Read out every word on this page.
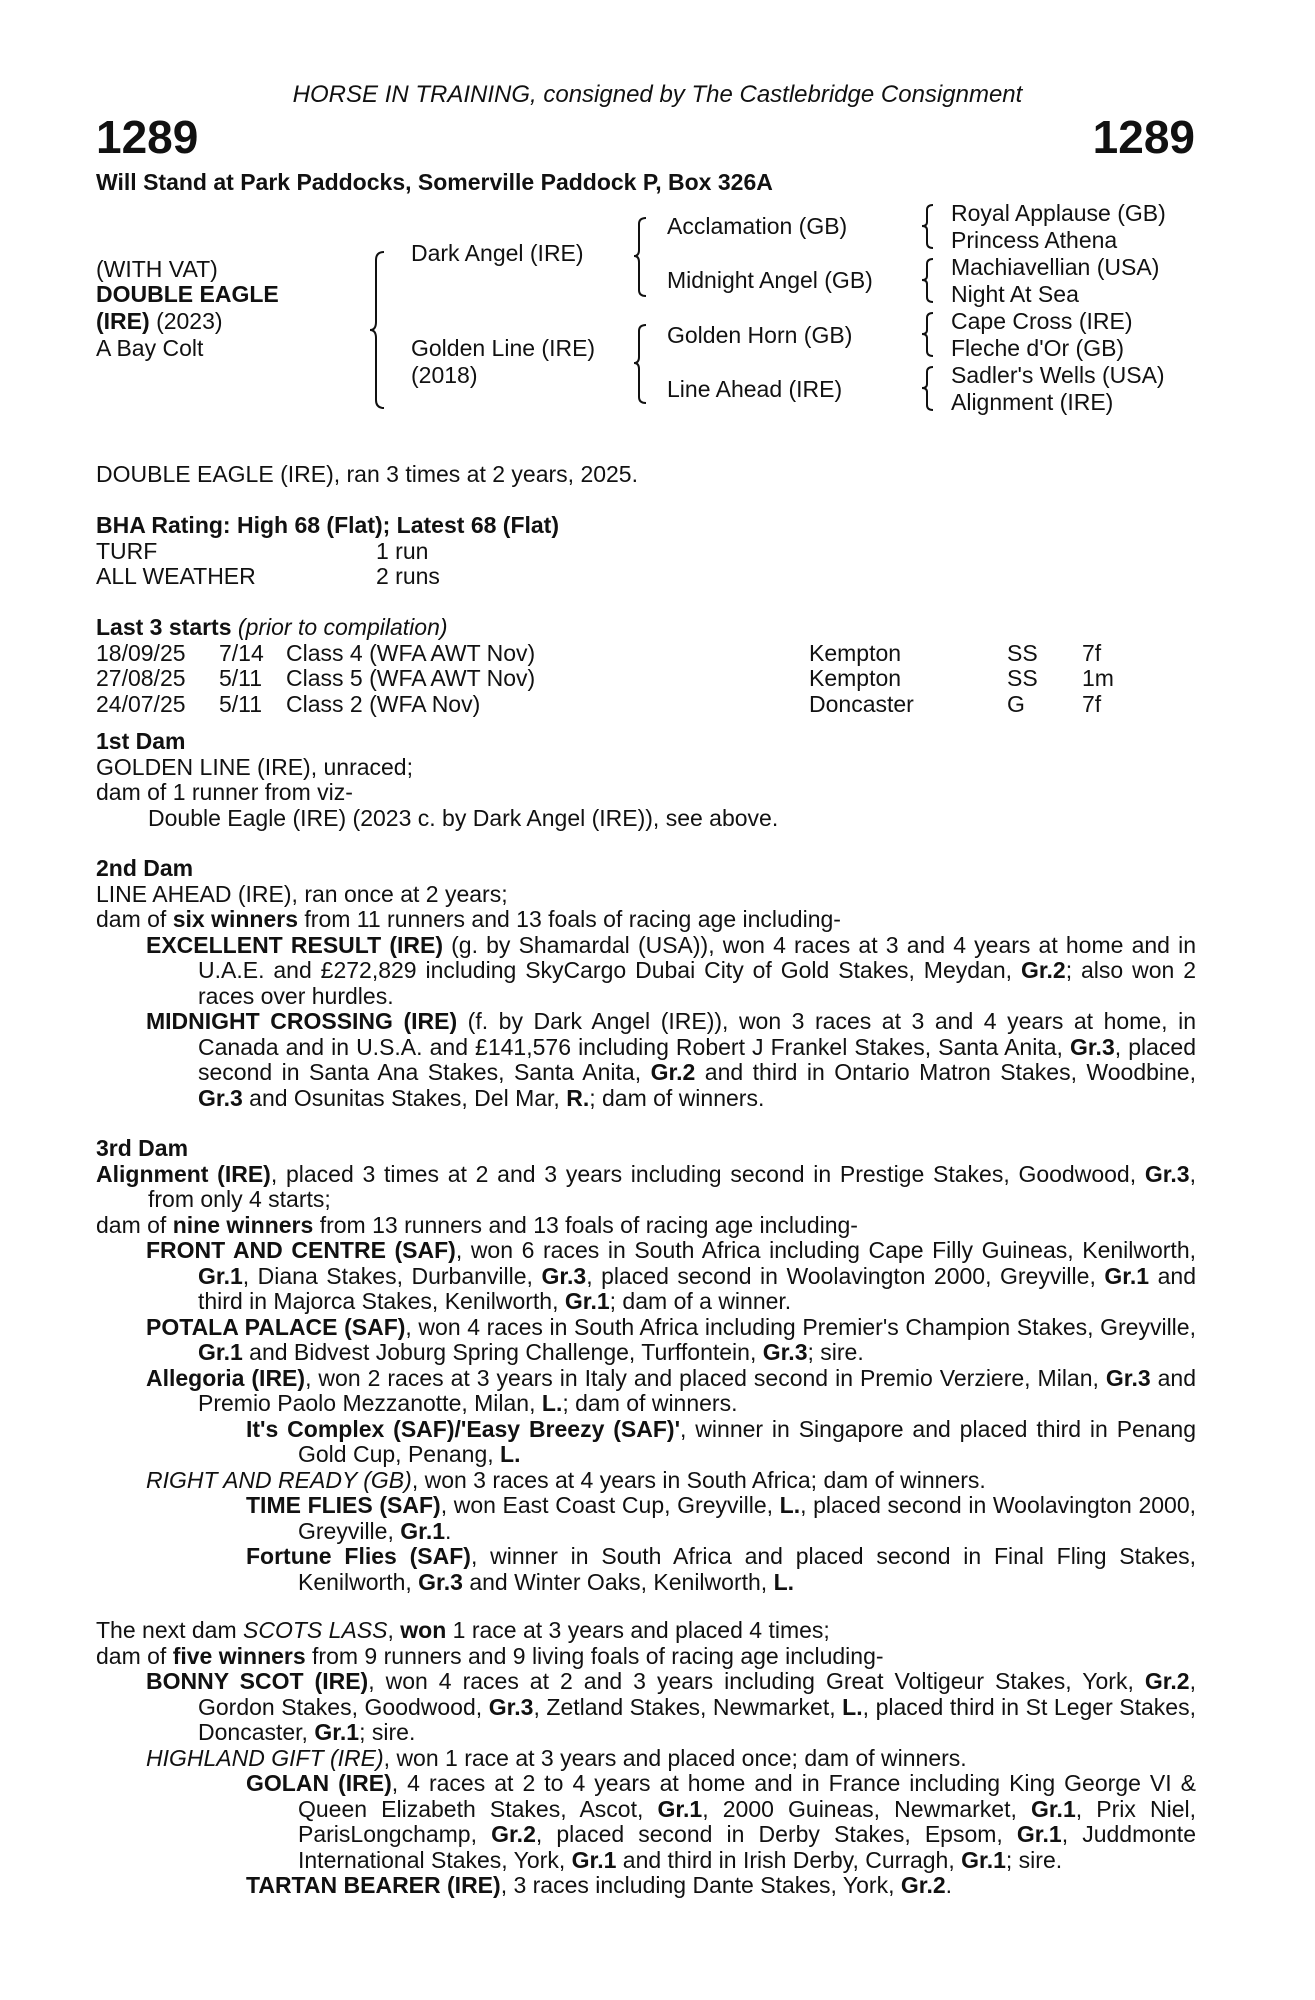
HORSE IN TRAINING, consigned by The Castlebridge Consignment
1289	1289
Will Stand at Park Paddocks, Somerville Paddock P, Box 326A
(WITH VAT)
DOUBLE EAGLE
(IRE) (2023)
A Bay Colt
Dark Angel (IRE)
Golden Line (IRE)
(2018)
Acclamation (GB)
Midnight Angel (GB)
Golden Horn (GB)
Line Ahead (IRE)
Royal Applause (GB)
Princess Athena
Machiavellian (USA)
Night At Sea
Cape Cross (IRE)
Fleche d'Or (GB)
Sadler's Wells (USA)
Alignment (IRE)
DOUBLE EAGLE (IRE), ran 3 times at 2 years, 2025.

BHA Rating: High 68 (Flat); Latest 68 (Flat)

TURF	1 run
ALL WEATHER	2 runs

Last 3 starts (prior to compilation)

18/09/25 7/14 Class 4 (WFA AWT Nov)	Kempton	SS 7f
27/08/25 5/11 Class 5 (WFA AWT Nov)	Kempton	SS 1m
24/07/25 5/11 Class 2 (WFA Nov)	Doncaster	G 7f

1st Dam

GOLDEN LINE (IRE), unraced;

dam of 1 runner from viz-

Double Eagle (IRE) (2023 c. by Dark Angel (IRE)), see above.

2nd Dam

LINE AHEAD (IRE), ran once at 2 years;

dam of six winners from 11 runners and 13 foals of racing age including-

EXCELLENT RESULT (IRE) (g. by Shamardal (USA)), won 4 races at 3 and 4 years at home and in U.A.E. and £272,829 including SkyCargo Dubai City of Gold Stakes, Meydan, Gr.2; also won 2 races over hurdles.

MIDNIGHT CROSSING (IRE) (f. by Dark Angel (IRE)), won 3 races at 3 and 4 years at home, in Canada and in U.S.A. and £141,576 including Robert J Frankel Stakes, Santa Anita, Gr.3, placed second in Santa Ana Stakes, Santa Anita, Gr.2 and third in Ontario Matron Stakes, Woodbine, Gr.3 and Osunitas Stakes, Del Mar, R.; dam of winners.

3rd Dam

Alignment (IRE), placed 3 times at 2 and 3 years including second in Prestige Stakes, Goodwood, Gr.3, from only 4 starts;

dam of nine winners from 13 runners and 13 foals of racing age including-

FRONT AND CENTRE (SAF), won 6 races in South Africa including Cape Filly Guineas, Kenilworth, Gr.1, Diana Stakes, Durbanville, Gr.3, placed second in Woolavington 2000, Greyville, Gr.1 and third in Majorca Stakes, Kenilworth, Gr.1; dam of a winner.

POTALA PALACE (SAF), won 4 races in South Africa including Premier's Champion Stakes, Greyville, Gr.1 and Bidvest Joburg Spring Challenge, Turffontein, Gr.3; sire.

Allegoria (IRE), won 2 races at 3 years in Italy and placed second in Premio Verziere, Milan, Gr.3 and Premio Paolo Mezzanotte, Milan, L.; dam of winners.

It's Complex (SAF)/'Easy Breezy (SAF)', winner in Singapore and placed third in Penang Gold Cup, Penang, L.

RIGHT AND READY (GB), won 3 races at 4 years in South Africa; dam of winners.

TIME FLIES (SAF), won East Coast Cup, Greyville, L., placed second in Woolavington 2000, Greyville, Gr.1.

Fortune Flies (SAF), winner in South Africa and placed second in Final Fling Stakes, Kenilworth, Gr.3 and Winter Oaks, Kenilworth, L.

The next dam SCOTS LASS, won 1 race at 3 years and placed 4 times;

dam of five winners from 9 runners and 9 living foals of racing age including-

BONNY SCOT (IRE), won 4 races at 2 and 3 years including Great Voltigeur Stakes, York, Gr.2, Gordon Stakes, Goodwood, Gr.3, Zetland Stakes, Newmarket, L., placed third in St Leger Stakes, Doncaster, Gr.1; sire.

HIGHLAND GIFT (IRE), won 1 race at 3 years and placed once; dam of winners.

GOLAN (IRE), 4 races at 2 to 4 years at home and in France including King George VI & Queen Elizabeth Stakes, Ascot, Gr.1, 2000 Guineas, Newmarket, Gr.1, Prix Niel, ParisLongchamp, Gr.2, placed second in Derby Stakes, Epsom, Gr.1, Juddmonte International Stakes, York, Gr.1 and third in Irish Derby, Curragh, Gr.1; sire.

TARTAN BEARER (IRE), 3 races including Dante Stakes, York, Gr.2.
